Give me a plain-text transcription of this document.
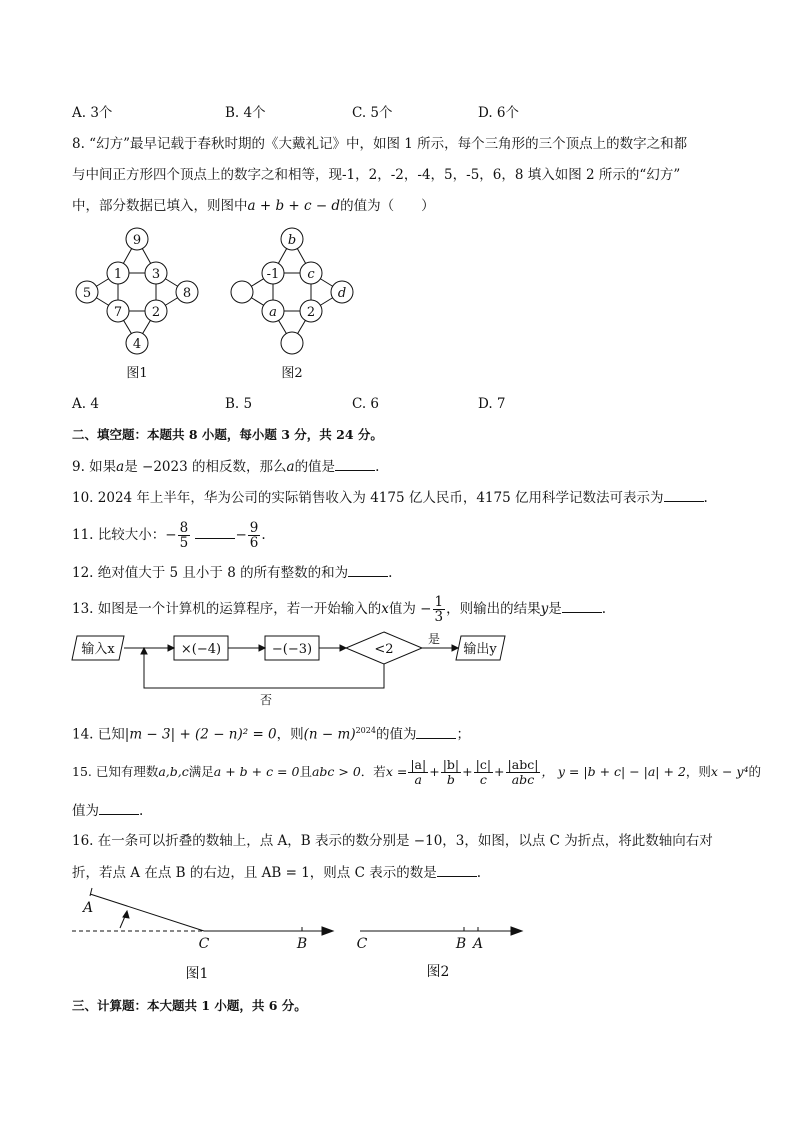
A. 3个	B. 4个	C. 5个	D. 6个
8. “幻方”最早记载于春秋时期的《大戴礼记》中，如图 1 所示，每个三角形的三个顶点上的数字之和都
与中间正方形四个顶点上的数字之和相等，现-1，2，-2，-4，5，-5，6，8 填入如图 2 所示的“幻方”
中，部分数据已填入，则图中a + b + c − d的值为（　　）
9
1 3
5	8
7 2
4
b
-1 c
d
a 2
图1	图2
A. 4	B. 5	C. 6	D. 7
二、填空题：本题共 8 小题，每小题 3 分，共 24 分。
9. 如果a是 −2023 的相反数，那么a的值是	.
10. 2024 年上半年，华为公司的实际销售收入为 4175 亿人民币，4175 亿用科学记数法可表示为	.
11. 比较大小：− $\frac{8}{5}$	− $\frac{9}{6}$ .
12. 绝对值大于 5 且小于 8 的所有整数的和为	.
13. 如图是一个计算机的运算程序，若一开始输入的x值为 − $\frac{1}{3}$ ，则输出的结果y是	.
输入x	×(−4)	−(−3)	<2
是
输出y
否
14. 已知|m − 3| + (2 − n)² = 0，则$(n - m)^{2024}$的值为	；
15. 已知有理数a,b,c满足a + b + c = 0且abc > 0．若$x = \frac{|a|}{a}+ \frac{|b|}{b}+ \frac{|c|}{c}+ \frac{\text{|abc|}}{\text{abc}}$， y = |b + c| − |a| + 2，则x − y⁴的
值为	.
16. 在一条可以折叠的数轴上，点 A，B 表示的数分别是 −10，3，如图，以点 C 为折点，将此数轴向右对
折，若点 A 在点 B 的右边，且 AB = 1，则点 C 表示的数是	.
A
C	B	C	B A
图1	图2
三、计算题：本大题共 1 小题，共 6 分。
